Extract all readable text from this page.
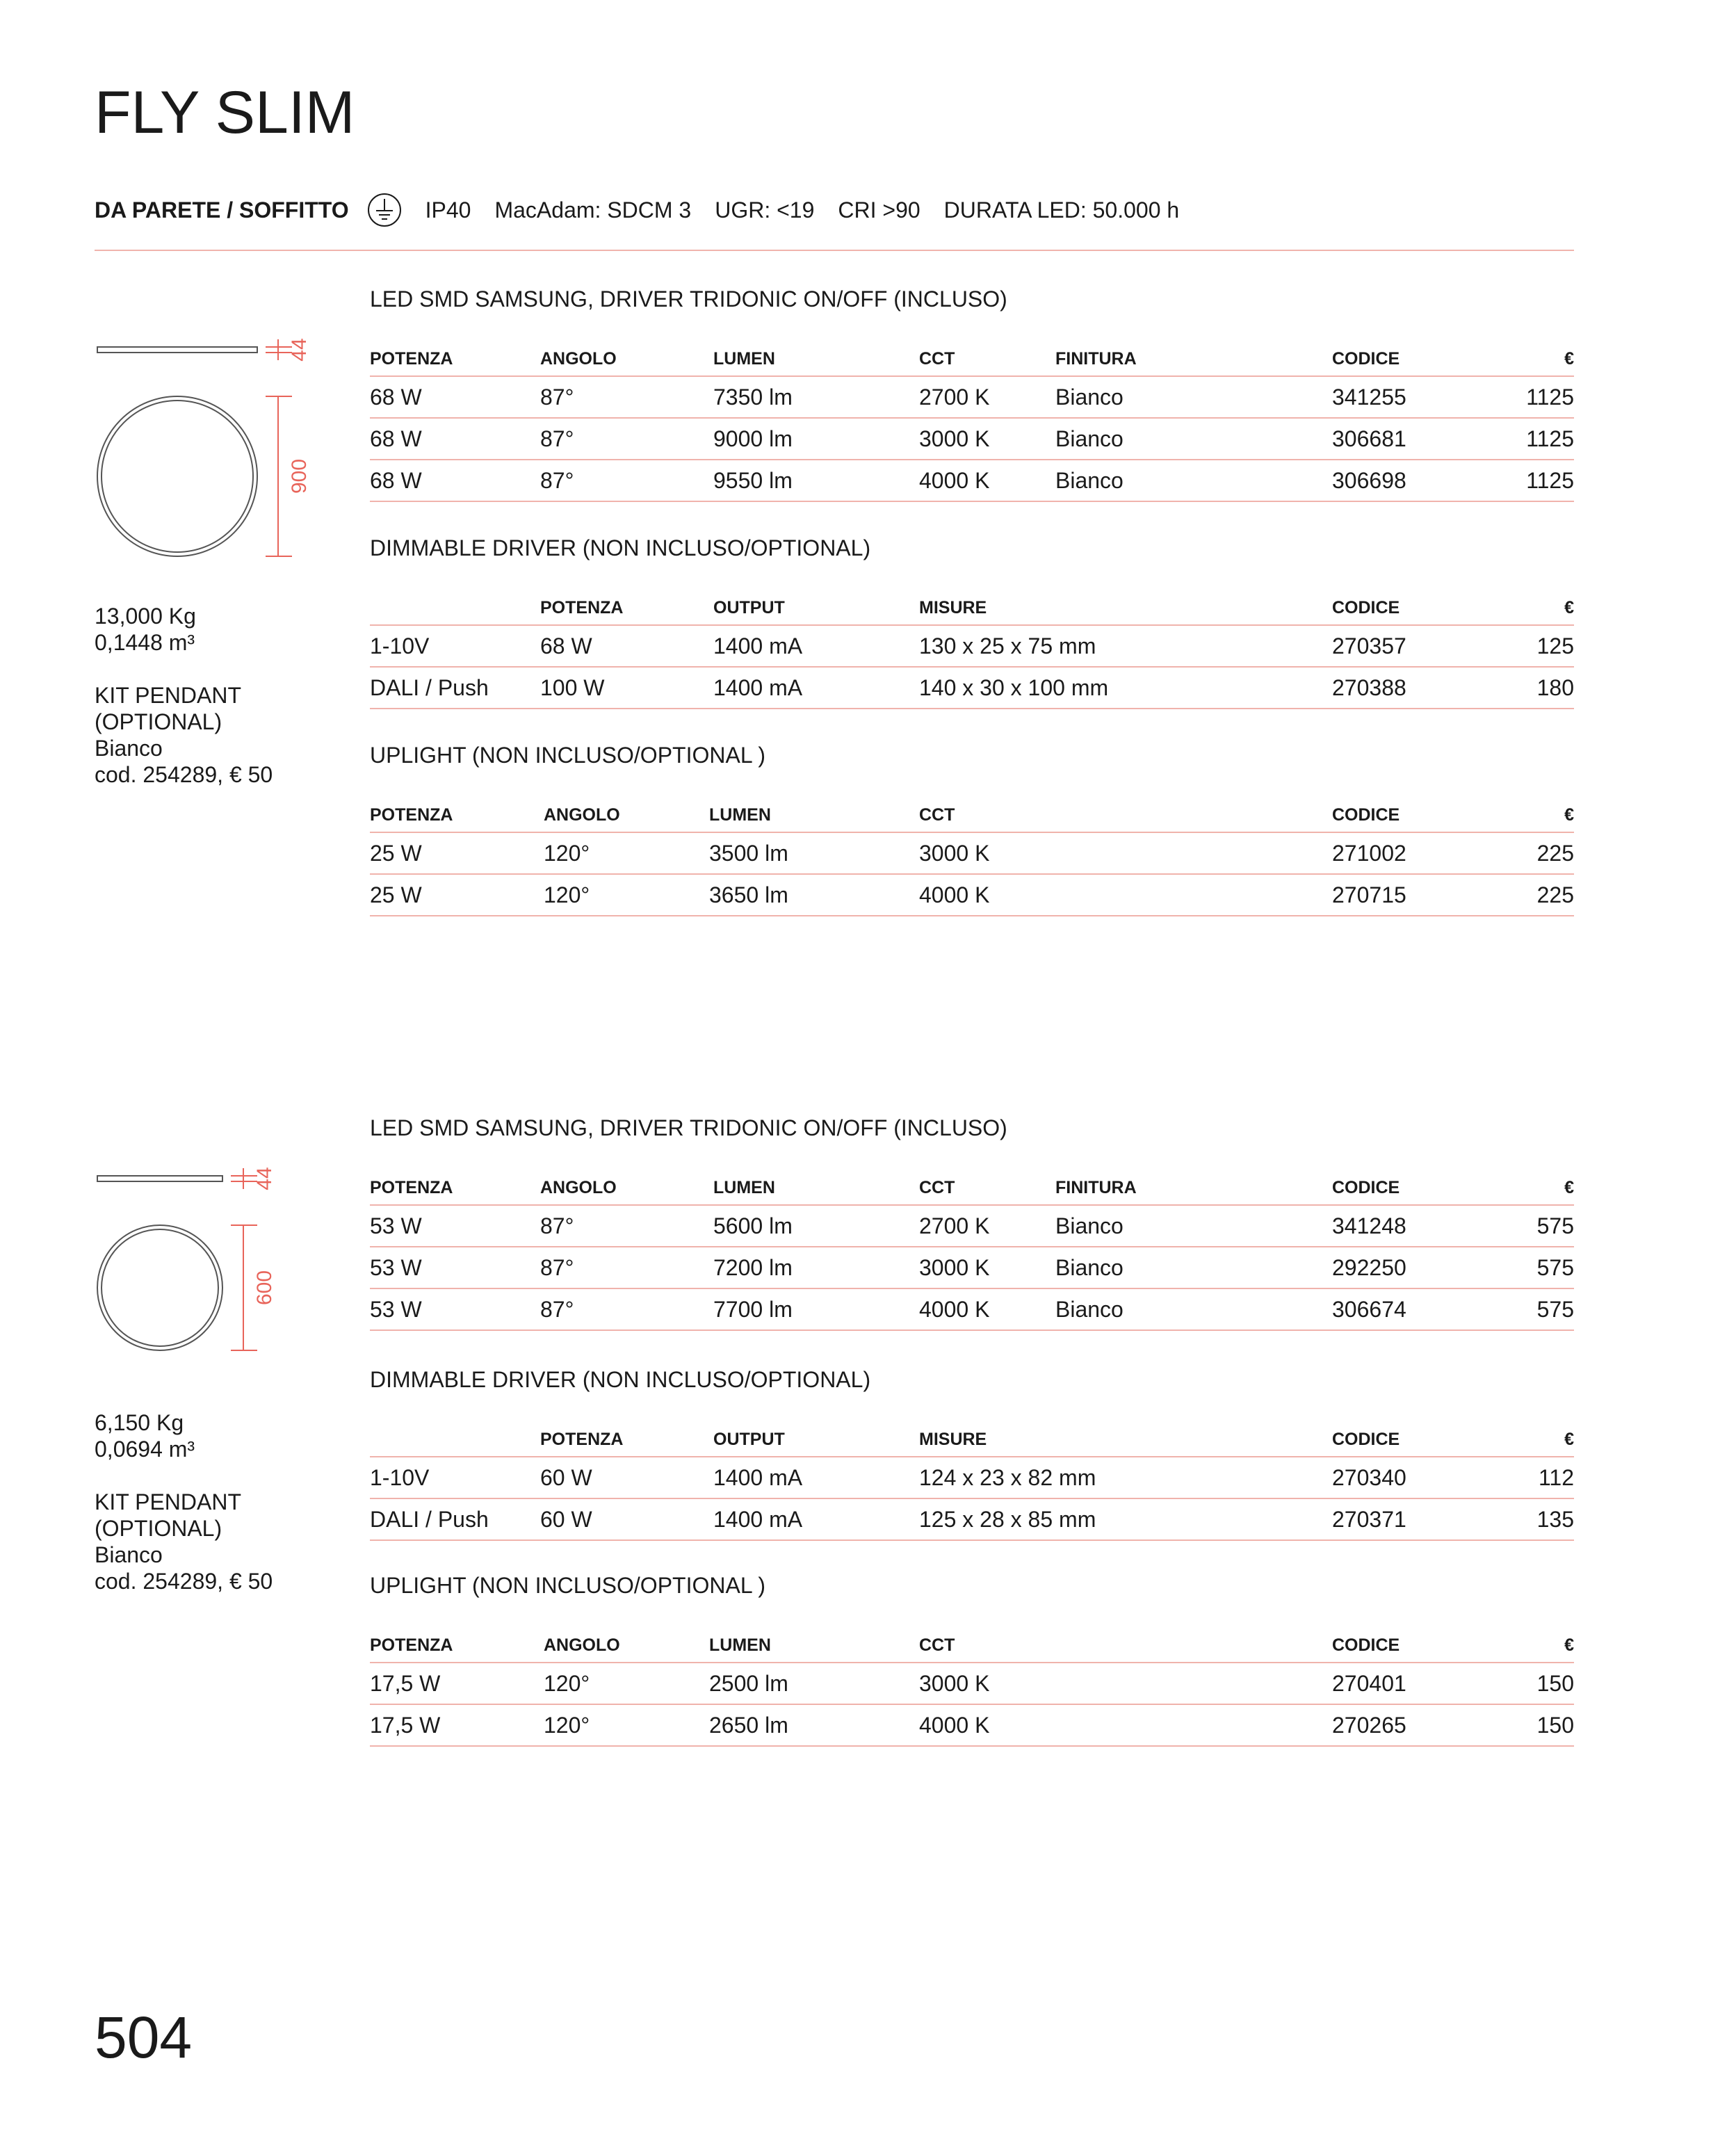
FLY SLIM
DA PARETE / SOFFITTO	IP40 MacAdam: SDCM 3 UGR: <19 CRI >90 DURATA LED: 50.000 h
44
900

13,000 Kg

0,1448 m³

KIT PENDANT

(OPTIONAL)

Bianco

cod. 254289, € 50

LED SMD SAMSUNG, DRIVER TRIDONIC ON/OFF (INCLUSO)
POTENZA	ANGOLO	LUMEN	CCT	FINITURA	CODICE	€
68 W	87°	7350 lm	2700 K	Bianco	341255	1125
68 W	87°	9000 lm	3000 K	Bianco	306681	1125
68 W	87°	9550 lm	4000 K	Bianco	306698	1125
DIMMABLE DRIVER (NON INCLUSO/OPTIONAL)
	POTENZA	OUTPUT	MISURE	CODICE	€
1-10V	68 W	1400 mA	130 x 25 x 75 mm	270357	125
DALI / Push	100 W	1400 mA	140 x 30 x 100 mm	270388	180
UPLIGHT (NON INCLUSO/OPTIONAL )
POTENZA	ANGOLO	LUMEN	CCT	CODICE	€
25 W	120°	3500 lm	3000 K	271002	225
25 W	120°	3650 lm	4000 K	270715	225
44
600

6,150 Kg

0,0694 m³

KIT PENDANT

(OPTIONAL)

Bianco

cod. 254289, € 50

LED SMD SAMSUNG, DRIVER TRIDONIC ON/OFF (INCLUSO)
POTENZA	ANGOLO	LUMEN	CCT	FINITURA	CODICE	€
53 W	87°	5600 lm	2700 K	Bianco	341248	575
53 W	87°	7200 lm	3000 K	Bianco	292250	575
53 W	87°	7700 lm	4000 K	Bianco	306674	575
DIMMABLE DRIVER (NON INCLUSO/OPTIONAL)
	POTENZA	OUTPUT	MISURE	CODICE	€
1-10V	60 W	1400 mA	124 x 23 x 82 mm	270340	112
DALI / Push	60 W	1400 mA	125 x 28 x 85 mm	270371	135
UPLIGHT (NON INCLUSO/OPTIONAL )
POTENZA	ANGOLO	LUMEN	CCT	CODICE	€
17,5 W	120°	2500 lm	3000 K	270401	150
17,5 W	120°	2650 lm	4000 K	270265	150
504
